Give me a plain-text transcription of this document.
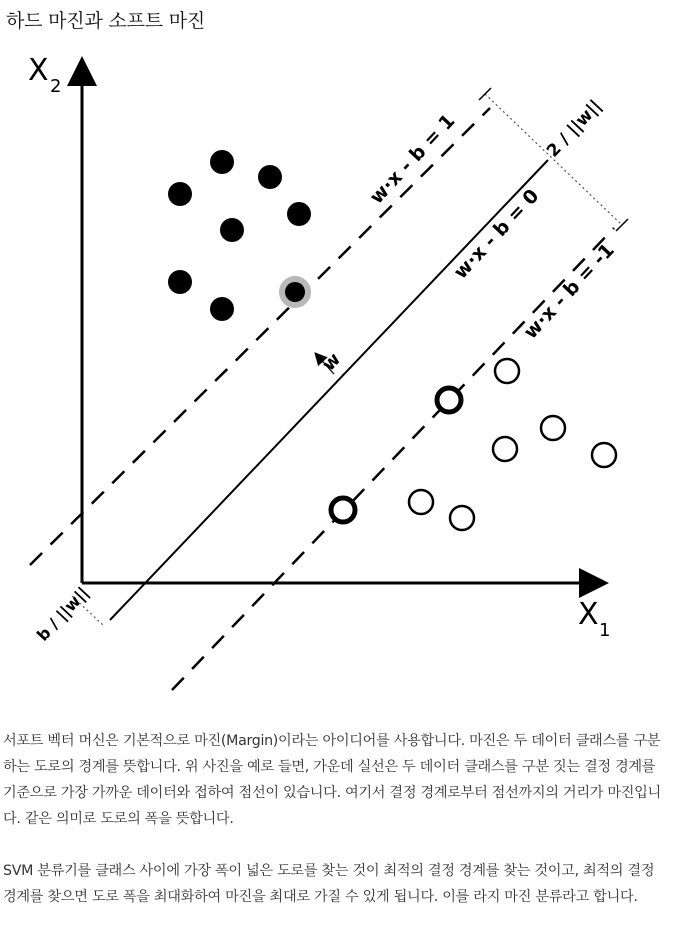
하드 마진과 소프트 마진
X 2
X 1
w
w·x - b = 1
w·x - b = 0
w·x - b = -1
2 / ||w||
b / ||w||
서포트 벡터 머신은 기본적으로 마진(Margin)이라는 아이디어를 사용합니다. 마진은 두 데이터 클래스를 구분하는 도로의 경계를 뜻합니다. 위 사진을 예로 들면, 가운데 실선은 두 데이터 클래스를 구분 짓는 결정 경계를 기준으로 가장 가까운 데이터와 접하여 점선이 있습니다. 여기서 결정 경계로부터 점선까지의 거리가 마진입니다. 같은 의미로 도로의 폭을 뜻합니다.
SVM 분류기를 클래스 사이에 가장 폭이 넓은 도로를 찾는 것이 최적의 결정 경계를 찾는 것이고, 최적의 결정 경계를 찾으면 도로 폭을 최대화하여 마진을 최대로 가질 수 있게 됩니다. 이를 라지 마진 분류라고 합니다.
